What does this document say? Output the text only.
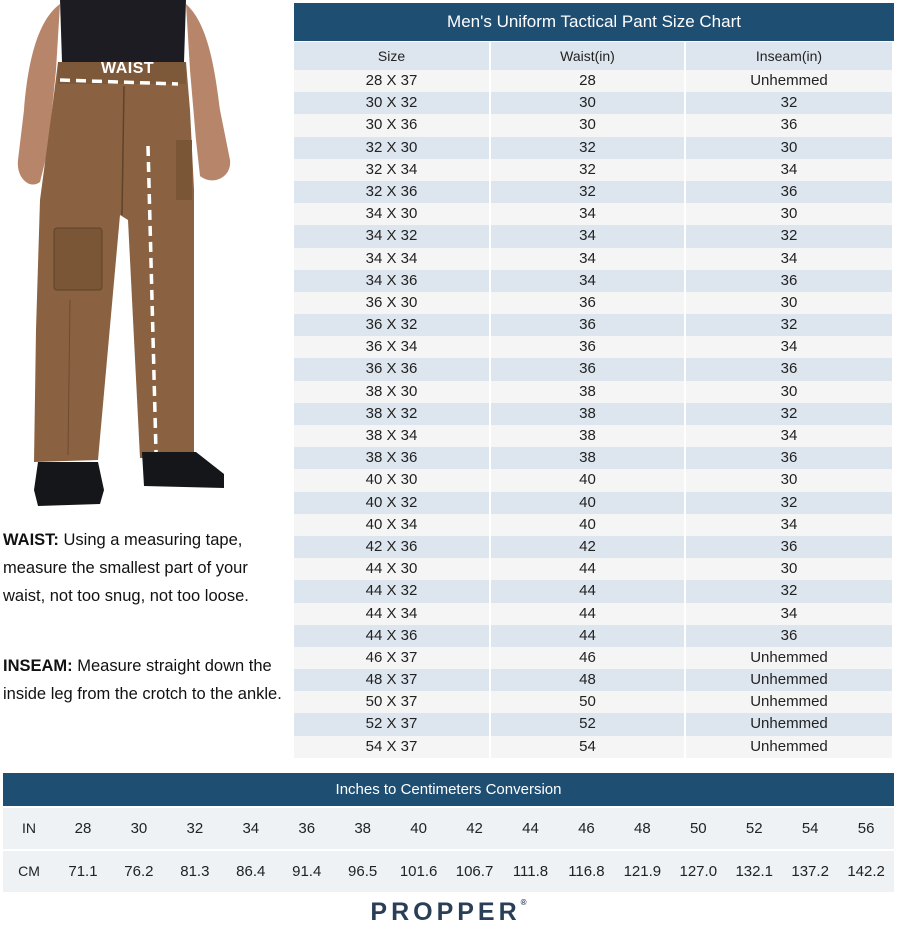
WAIST
INSEAM
WAIST: Using a measuring tape, measure the smallest part of your waist, not too snug, not too loose.
INSEAM: Measure straight down the inside leg from the crotch to the ankle.
Men's Uniform Tactical Pant Size Chart
Size	Waist(in)	Inseam(in)
28 X 37	28	Unhemmed
30 X 32	30	32
30 X 36	30	36
32 X 30	32	30
32 X 34	32	34
32 X 36	32	36
34 X 30	34	30
34 X 32	34	32
34 X 34	34	34
34 X 36	34	36
36 X 30	36	30
36 X 32	36	32
36 X 34	36	34
36 X 36	36	36
38 X 30	38	30
38 X 32	38	32
38 X 34	38	34
38 X 36	38	36
40 X 30	40	30
40 X 32	40	32
40 X 34	40	34
42 X 36	42	36
44 X 30	44	30
44 X 32	44	32
44 X 34	44	34
44 X 36	44	36
46 X 37	46	Unhemmed
48 X 37	48	Unhemmed
50 X 37	50	Unhemmed
52 X 37	52	Unhemmed
54 X 37	54	Unhemmed
Inches to Centimeters Conversion
IN	28	30	32	34	36	38	40	42	44	46	48	50	52	54	56
CM	71.1	76.2	81.3	86.4	91.4	96.5	101.6	106.7	111.8	116.8	121.9	127.0	132.1	137.2	142.2
PROPPER®
